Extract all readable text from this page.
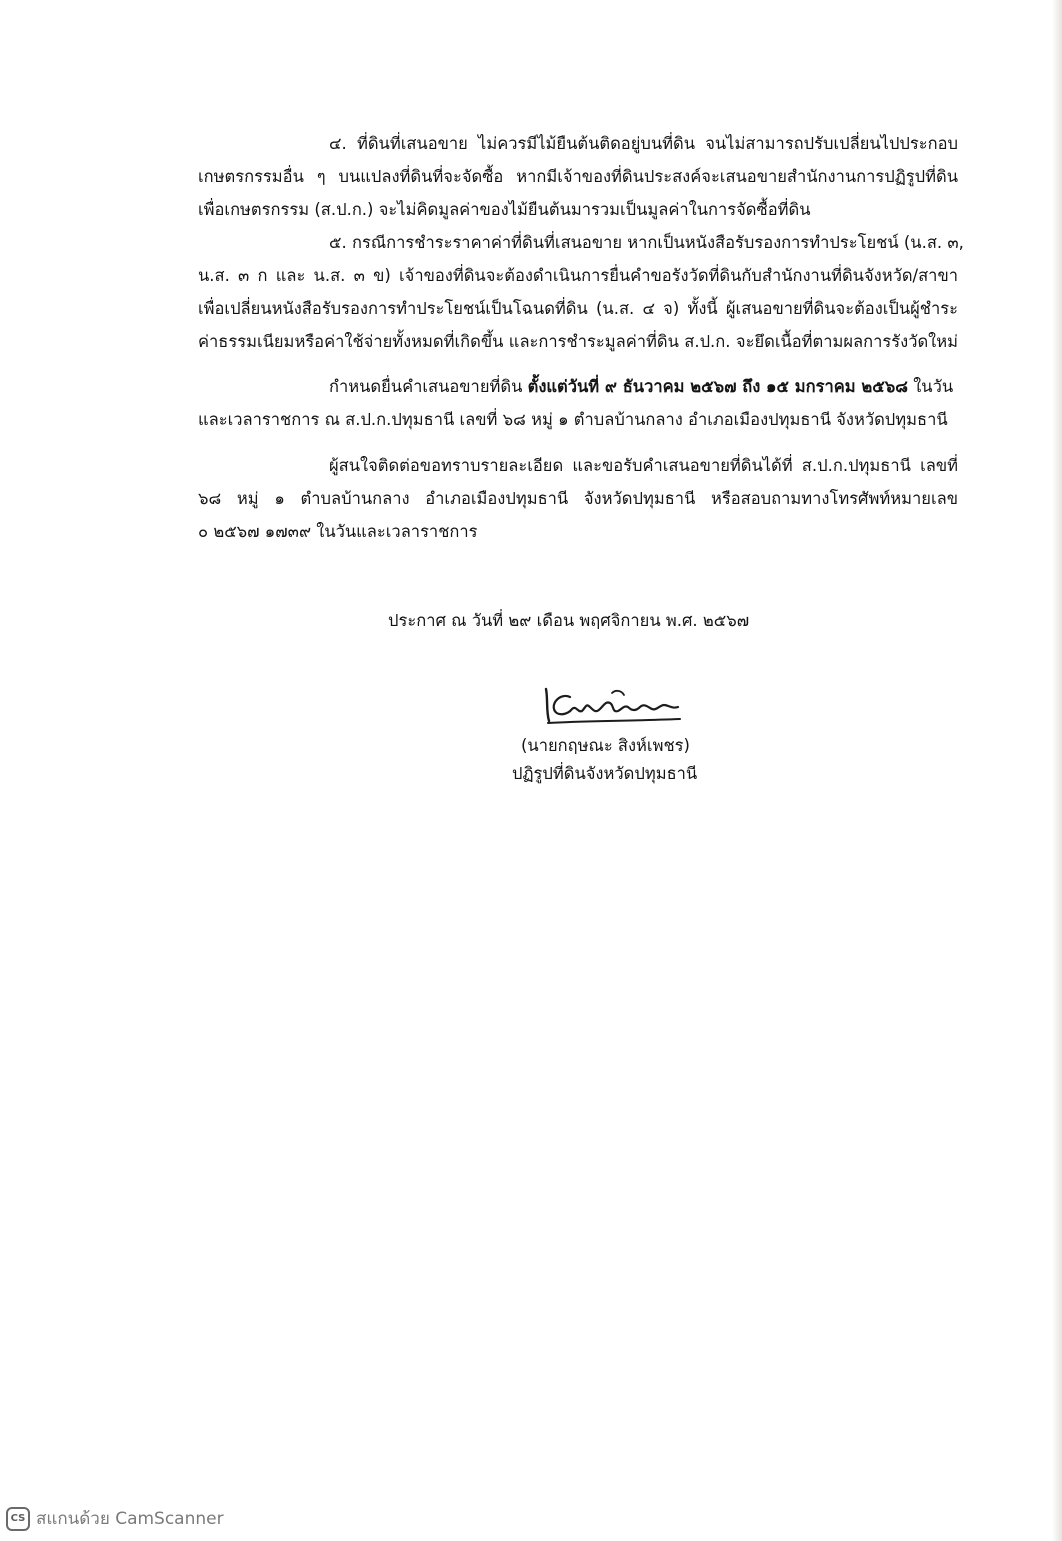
๔. ที่ดินที่เสนอขาย ไม่ควรมีไม้ยืนต้นติดอยู่บนที่ดิน จนไม่สามารถปรับเปลี่ยนไปประกอบ
เกษตรกรรมอื่น ๆ บนแปลงที่ดินที่จะจัดซื้อ หากมีเจ้าของที่ดินประสงค์จะเสนอขายสำนักงานการปฏิรูปที่ดิน
เพื่อเกษตรกรรม (ส.ป.ก.) จะไม่คิดมูลค่าของไม้ยืนต้นมารวมเป็นมูลค่าในการจัดซื้อที่ดิน
๕. กรณีการชำระราคาค่าที่ดินที่เสนอขาย หากเป็นหนังสือรับรองการทำประโยชน์ (น.ส. ๓,
น.ส. ๓ ก และ น.ส. ๓ ข) เจ้าของที่ดินจะต้องดำเนินการยื่นคำขอรังวัดที่ดินกับสำนักงานที่ดินจังหวัด/สาขา
เพื่อเปลี่ยนหนังสือรับรองการทำประโยชน์เป็นโฉนดที่ดิน (น.ส. ๔ จ) ทั้งนี้ ผู้เสนอขายที่ดินจะต้องเป็นผู้ชำระ
ค่าธรรมเนียมหรือค่าใช้จ่ายทั้งหมดที่เกิดขึ้น และการชำระมูลค่าที่ดิน ส.ป.ก. จะยึดเนื้อที่ตามผลการรังวัดใหม่
กำหนดยื่นคำเสนอขายที่ดิน ตั้งแต่วันที่ ๙ ธันวาคม ๒๕๖๗ ถึง ๑๕ มกราคม ๒๕๖๘ ในวัน
และเวลาราชการ ณ ส.ป.ก.ปทุมธานี เลขที่ ๖๘ หมู่ ๑ ตำบลบ้านกลาง อำเภอเมืองปทุมธานี จังหวัดปทุมธานี
ผู้สนใจติดต่อขอทราบรายละเอียด และขอรับคำเสนอขายที่ดินได้ที่ ส.ป.ก.ปทุมธานี เลขที่
๖๘ หมู่ ๑ ตำบลบ้านกลาง อำเภอเมืองปทุมธานี จังหวัดปทุมธานี หรือสอบถามทางโทรศัพท์หมายเลข
๐ ๒๕๖๗ ๑๗๓๙ ในวันและเวลาราชการ
ประกาศ ณ วันที่ ๒๙ เดือน พฤศจิกายน พ.ศ. ๒๕๖๗
(นายกฤษณะ สิงห์เพชร)
ปฏิรูปที่ดินจังหวัดปทุมธานี
CS สแกนด้วย CamScanner
